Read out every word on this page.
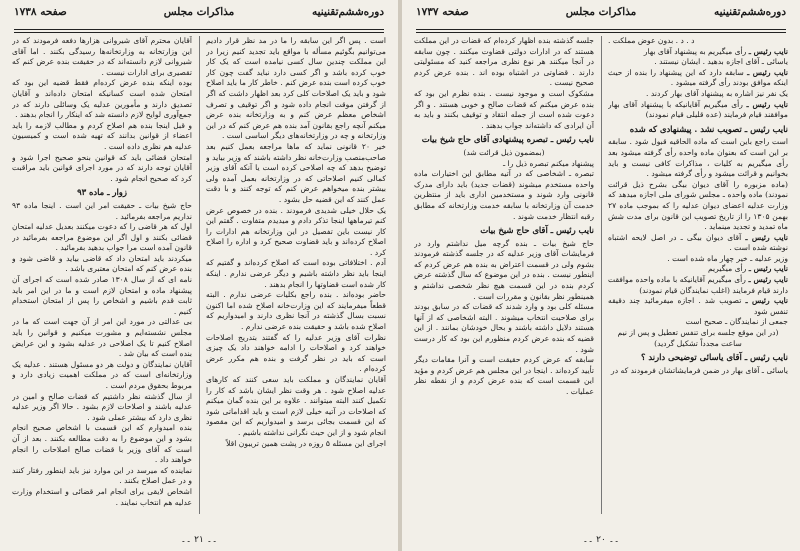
دوره‌ششم‌تقنینیه
مذاکرات مجلس
صفحه ۱۷۳۸

است . پس اگر این سابقه را ما در مد نظر قرار دادیم می‌توانیم بگوئیم مسأله با مواقع باید تجدید کنیم زیرا در این مملکت چندین سال کسی نیامده است که یک کار خوب کرده باشد و اگر کسی دارد نباید گفت چون کار خوب کرده است بنده عرض کنم . خاطر کار ما باید اصلاح شود و باید یک اصلاحات کلی کرد بعد اظهار داشت که اگر از گرفتن موقت انجام داده شود و اگر توقیف و تصرف اشخاص معظم عرض کنم و به وزارتخانه بنده عرض میکنم آنچه راجع بقانون آمد بنده هم عرض کنم که در این وزارتخانه و چه در وزارتخانه‌های دیگر اساسی است .

خیر ۲۰ قانونی نماید که ماها مراجعه بعمل کنیم بعد صاحب‌منصب وزارت‌خانه نظر داشته باشند که وزیر بیاید و توضیح بدهد که چه اصلاحی کرده است یا آنکه آقای وزیر کمالی کنیم اصلاحاتی که در وزارتخانه بعمل آمده ولی بیشتر بنده میخواهم عرض کنم که توجه کنند و با دقت عمل کنند که این قضیه حل بشود .

یک حلال خیلی شدیدی فرمودند . بنده در خصوص عرض کنم تیرماهها اینجا تذکر دادم و میدیدم متفاوت . گفتم این کار نیست باین تفصیل در این وزارتخانه هم ادارات را اصلاح کرده‌اند و باید قضاوت صحیح کرد و اداره را اصلاح کرد .

آدم . اختلافاتی بوده است که اصلاح کرده‌اند و گفتیم که اینجا باید نظر داشته باشیم و دیگر عرضی ندارم . اینکه کار شده است قضاوتها را انجام بدهند .

حاضر بوده‌اند . بنده راجع بکلیات عرضی ندارم . البته قطعاً میفرمایند که این وزارت‌خانه اصلاح شده اما اکنون نسبت بسال گذشته در آنجا نظری دارند و امیدواریم که اصلاح شده باشد و حقیقت بنده عرضی ندارم .

نظرات آقای وزیر عدلیه را که گفتند بتدریج اصلاحات خواهند کرد و اصلاحات را ادامه خواهند داد یک چیزی است که باید در نظر گرفت و بنده هم مکرر عرض کرده‌ام .

آقایان نمایندگان و مملکت باید سعی کنند که کارهای عدلیه اصلاح شود . هر وقت نظر ایشان باشد که کار را تکمیل کنند البته میتوانند . علاوه بر این بنده گمان میکنم که اصلاحات در آتیه خیلی لازم است و باید اقداماتی شود که این قسمت بجائی برسد و امیدواریم که این مقصود انجام شود و از این حیث نگرانی نداشته باشیم .

اجرای این مسئله ۵ روزه در پشت همین تریبون اقلاً

آقایان محترم آقای شیروانی هزارها دفعه فرمودند که در این وزارتخانه به وزارتخانه‌ها رسیدگی بکنند . اما آقای شیروانی لازم دانسته‌اند که در حقیقت بنده عرض کنم که تقصیری برای ادارات نیست .

بوده اینکه بنده عرض کرده‌ام فقط قضیه این بود که امتحان شده است کسانیکه امتحان داده‌اند و آقایان تصدیق دارند و مأمورین عدلیه یک وسائلی دارند که در جمع‌آوری لوایح لازم دانسته شد که اینکار را انجام بدهند .

و قبل اینجا بنده هم اصلاح کردم و مطالب لازمه را باید اعضاء از قوانین بدانند که تهیه شده است و کمیسیون عدلیه هم نظری داده است .

امتحان قضائی باید که قوانین بنحو صحیح اجرا شود و آقایان توجه دارند که در مورد اجرای قوانین باید مراقبت کرد که صحیح انجام شود .

زوار ـ ماده ۹۳

حاج شیخ بیات ـ حقیقت امر این است . اینجا ماده ۹۳ نداریم مراجعه بفرمائید .

اول که هر قاضی را که دعوت میکنند بعدیل عدلیه امتحان قضائی بکنند و اول اگر این موضوع مراجعه بفرمائید در قانون آمده است مرا جواب بدهید بفرمائید .

میکردند باید امتحان داد که قاضی بیاید و قاضی شود و بنده عرض کنم که امتحان معتبری باشد .

نامه ای که از سال ۱۳۰۸ صادر شده است که اجرای آن پیشنهاد ماده و امتحان لازم است و ما در این امر باید ثابت قدم باشیم و اشخاص را پس از امتحان استخدام کنیم .

بی عدالتی در مورد این امر از آن جهت است که ما در مجلس نشسته‌ایم و مشورت میکنیم و قوانین را باید اصلاح کنیم تا یک اصلاحی در عدلیه بشود و این عرایض بنده است که بیان شد .

آقایان نمایندگان و دولت هر دو مسئول هستند . عدلیه یک وزارتخانه‌ای است که در مملکت اهمیت زیادی دارد و مربوط بحقوق مردم است .

از سال گذشته نظر داشتیم که قضات صالح و امین در عدلیه باشند و اصلاحات لازم بشود . حالا اگر وزیر عدلیه نظری دارد که بیشتر عملی شود .

بنده امیدوارم که این قسمت با اشخاص صحیح انجام بشود و این موضوع را به دقت مطالعه بکنند . بعد از آن است که آقای وزیر با قضات صالح اصلاحات را انجام خواهند داد .

نماینده که میرسد در این موارد نیز باید اینطور رفتار کنند و در عمل اصلاح بکنند .

اشخاص لایقی برای انجام امر قضائی و استخدام وزارت عدلیه هم انتخاب نمایند .

۔۔ ۲۱ ۔۔
دوره‌ششم‌تقنینیه
مذاکرات مجلس
صفحه ۱۷۳۷

د . د . بدون عوض مملکت .

نایب رئیس ـ رأی میگیریم به پیشنهاد آقای بهار

یاسائی ـ آقای اجازه بدهید . ایشان نیستند .

نایب رئیس ـ سابقه دارد که این پیشنهاد را بنده از حیث اینکه موافق بودند رأی گرفته میشود .

یک نفر نیز اشاره به پیشنهاد آقای بهار کردند .

نایب رئیس ـ رأی میگیریم آقایانیکه با پیشنهاد آقای بهار موافقند قیام فرمایند (عده قلیلی قیام نمودند)

نایب رئیس ـ تصویب نشد . پیشنهادی که شده

است راجع باین است که ماده الحاقیه قبول شود . سابقه بر این است که بعنوان ماده واحده رأی گرفته میشود بعد رأی میگیریم به کلیات ، مذاکرات کافی نیست و باید بخوانیم و قرائت میشود و رأی گرفته میشود .

(ماده مزبوره را آقای دیوان بیگی بشرح ذیل قرائت نمودند) ماده واحده ـ مجلس شورای ملی اجازه میدهد که وزارت عدلیه اعضای دیوان عدلیه را که بموجب ماده ۲۷ بهمن ۱۳۰۵ را از تاریخ تصویب این قانون برای مدت شش ماه تمدید و تجدید مینماید .

نایب رئیس ـ آقای دیوان بیگی ـ در اصل لایحه اشتباه نوشته شده است .

وزیر عدلیه ـ خیر چهار ماه شده است .

نایب رئیس ـ رأی میگیریم

نایب رئیس ـ رأی میگیریم آقایانیکه با ماده واحده موافقت دارند قیام فرمایند (اغلب نمایندگان قیام نمودند)

نایب رئیس ـ تصویب شد . اجازه میفرمائید چند دقیقه تنفس شود

جمعی از نمایندگان ـ صحیح است

(در این موقع جلسه برای تنفس تعطیل و پس از نیم ساعت مجدداً تشکیل گردید)

نایب رئیس ـ آقای یاسائی توضیحی دارند ؟

یاسائی ـ آقای بهار در ضمن فرمایشاتشان فرمودند که در

جلسه گذشته بنده اظهار کرده‌ام که قضات در این مملکت هستند که در ادارات دولتی قضاوت میکنند . چون سابقه در آنجا میکنند هر نوع نظری مراجعه کنید که مسئولیتی دارند . قضاوتی در اشتباه بوده اند . بنده عرض کردم صحیح نیست .

مشکوک است و موجود نیست . بنده نظرم این بود که بنده عرض میکنم که قضات صالح و خوبی هستند . و اگر دعوت شده است از جمله انتقاد و توقیف بکنند و باید به آن ایرادی که داشته‌اند جواب بدهند .

نایب رئیس ـ تبصره پیشنهادی آقای حاج شیخ بیات

(بمضمون ذیل قرائت شد)

پیشنهاد میکنم تبصره ذیل را ـ

تبصره ـ اشخاصی که در آتیه مطابق این اختیارات ماده واحده مستخدم میشوند (قضات جدید) باید دارای مدرک قانونی وارد شوند و مستخدمین اداری باید از منتظرین خدمت آن وزارتخانه با سابقه خدمت وزارتخانه که مطابق رقبه انتظار خدمت شوند .

نایب رئیس ـ آقای حاج شیخ بیات

حاج شیخ بیات ـ بنده گرچه میل نداشتم وارد در فرمایشات آقای وزیر عدلیه که در جلسه گذشته فرمودند بشوم ولی در قسمت اعتراض به بنده هم عرض کردم که اینطور نیست . بنده در این موضوع که سال گذشته عرض کردم بنده در این قسمت هیچ نظر شخصی نداشتم و همینطور نظر بقانون و مقررات است .

مسئله کلی بود و وارد شدند که قضات که در سابق بودند برای صلاحیت انتخاب میشوند . البته اشخاصی که از آنها هستند دلایل داشته باشند و بحال خودشان بمانند . از این قضیه که بنده عرض کردم منظورم این بود که کار درست شود .

سابقه که عرض کردم حقیقت است و آنرا مقامات دیگر تأیید کرده‌اند . اینجا در این مجلس هم عرض کردم و مؤید این قسمت است که بنده عرض کردم و از نقطه نظر عملیات .

۔۔ ۲۰ ۔۔
